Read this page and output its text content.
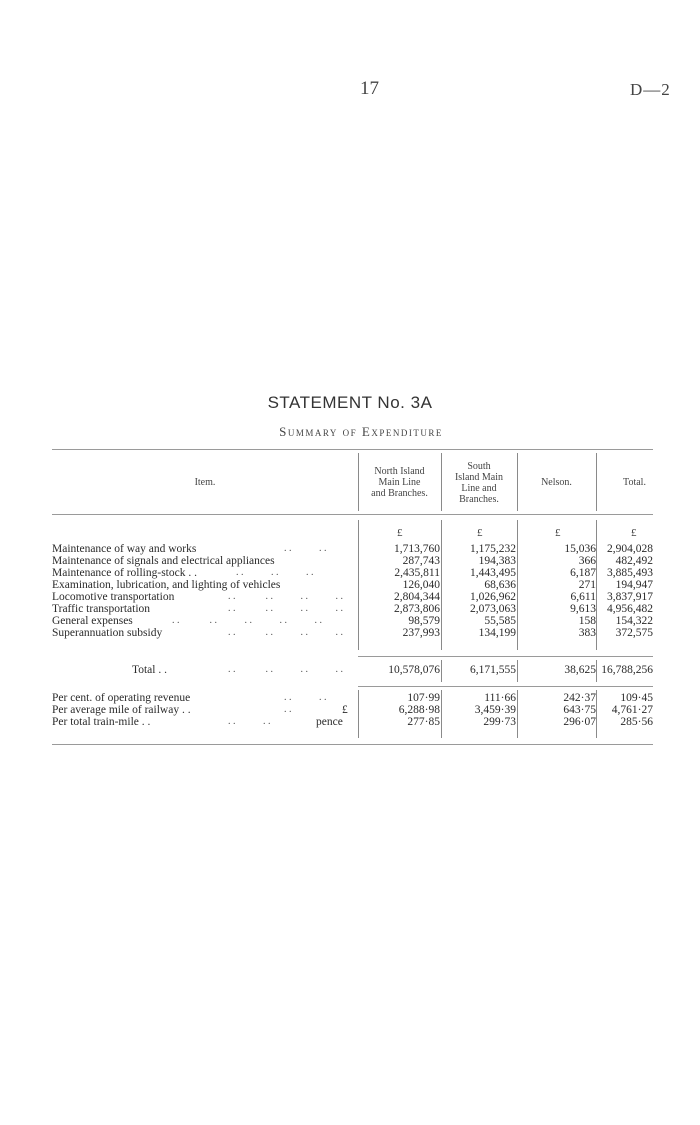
17	D—2
STATEMENT No. 3A
Summary of Expenditure
Item.
North Island
Main Line
and Branches.
South
Island Main
Line and
Branches.
Nelson.	Total.
£	£	£	£
Maintenance of way and works	. .           . .	1,713,760	1,175,232	15,036 2,904,028
Maintenance of signals and electrical appliances	287,743	194,383	366	482,492
Maintenance of rolling-stock . .	. .           . .           . .	2,435,811	1,443,495	6,187 3,885,493
Examination, lubrication, and lighting of vehicles	126,040	68,636	271	194,947
Locomotive transportation	. .            . .           . .           . .	2,804,344	1,026,962	6,611 3,837,917
Traffic transportation	. .            . .           . .           . .	2,873,806	2,073,063	9,613 4,956,482
General expenses	. .            . .           . .           . .           . .	98,579	55,585	158	154,322
Superannuation subsidy	. .            . .           . .           . .	237,993	134,199	383	372,575
Total . .	. .            . .           . .           . .	10,578,076	6,171,555	38,625 16,788,256
Per cent. of operating revenue	. .           . .	107·99	111·66	242·37	109·45
Per average mile of railway . .	. .	£	6,288·98	3,459·39	643·75	4,761·27
Per total train-mile . .	. .           . .	pence	277·85	299·73	296·07	285·56
